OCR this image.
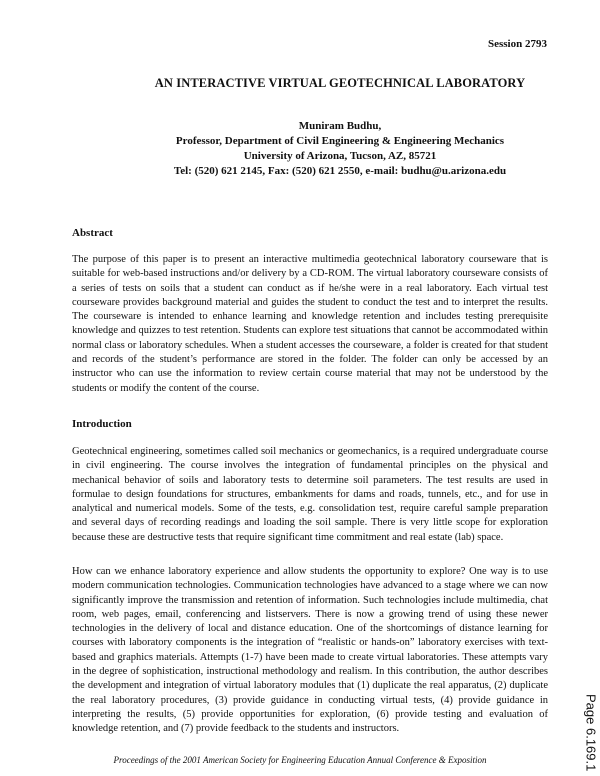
Session 2793
AN INTERACTIVE VIRTUAL GEOTECHNICAL LABORATORY
Muniram Budhu,
Professor, Department of Civil Engineering & Engineering Mechanics
University of Arizona, Tucson, AZ, 85721
Tel: (520) 621 2145, Fax: (520) 621 2550, e-mail: budhu@u.arizona.edu
Abstract
The purpose of this paper is to present an interactive multimedia geotechnical laboratory courseware that is suitable for web-based instructions and/or delivery by a CD-ROM. The virtual laboratory courseware consists of a series of tests on soils that a student can conduct as if he/she were in a real laboratory. Each virtual test courseware provides background material and guides the student to conduct the test and to interpret the results. The courseware is intended to enhance learning and knowledge retention and includes testing prerequisite knowledge and quizzes to test retention. Students can explore test situations that cannot be accommodated within normal class or laboratory schedules. When a student accesses the courseware, a folder is created for that student and records of the student’s performance are stored in the folder. The folder can only be accessed by an instructor who can use the information to review certain course material that may not be understood by the students or modify the content of the course.
Introduction
Geotechnical engineering, sometimes called soil mechanics or geomechanics, is a required undergraduate course in civil engineering. The course involves the integration of fundamental principles on the physical and mechanical behavior of soils and laboratory tests to determine soil parameters. The test results are used in formulae to design foundations for structures, embankments for dams and roads, tunnels, etc., and for use in analytical and numerical models. Some of the tests, e.g. consolidation test, require careful sample preparation and several days of recording readings and loading the soil sample. There is very little scope for exploration because these are destructive tests that require significant time commitment and real estate (lab) space.
How can we enhance laboratory experience and allow students the opportunity to explore? One way is to use modern communication technologies. Communication technologies have advanced to a stage where we can now significantly improve the transmission and retention of information. Such technologies include multimedia, chat room, web pages, email, conferencing and listservers. There is now a growing trend of using these newer technologies in the delivery of local and distance education. One of the shortcomings of distance learning for courses with laboratory components is the integration of “realistic or hands-on” laboratory exercises with text-based and graphics materials. Attempts (1-7) have been made to create virtual laboratories. These attempts vary in the degree of sophistication, instructional methodology and realism. In this contribution, the author describes the development and integration of virtual laboratory modules that (1) duplicate the real apparatus, (2) duplicate the real laboratory procedures, (3) provide guidance in conducting virtual tests, (4) provide guidance in interpreting the results, (5) provide opportunities for exploration, (6) provide testing and evaluation of knowledge retention, and (7) provide feedback to the students and instructors.	Page 6.169.1
Proceedings of the 2001 American Society for Engineering Education Annual Conference & Exposition
